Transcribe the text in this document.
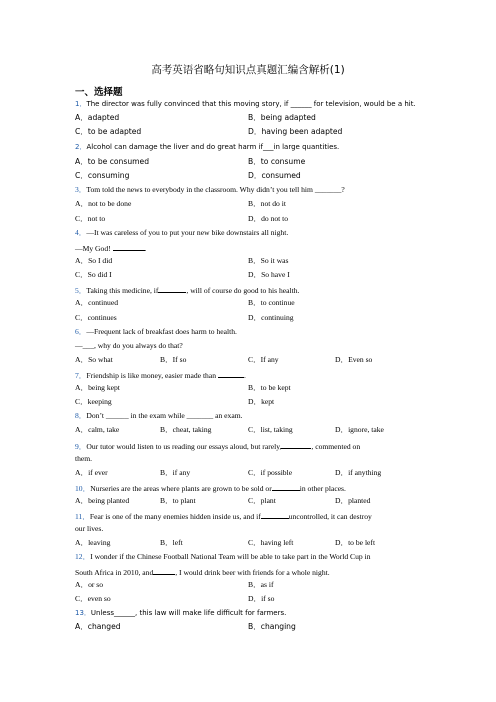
高考英语省略句知识点真题汇编含解析(1)
一、选择题
1．The director was fully convinced that this moving story, if ______ for television, would be a hit.
A．adapted	B．being adapted
C．to be adapted	D．having been adapted
2．Alcohol can damage the liver and do great harm if___in large quantities.
A．to be consumed	B．to consume
C．consuming	D．consumed
3．Tom told the news to everybody in the classroom. Why didn’t you tell him _______?
A．not to be done	B．not do it
C．not to	D．do not to
4．—It was careless of you to put your new bike downstairs all night.
—My God!	.
A．So I did	B．So it was
C．So did I	D．So have I
5．Taking this medicine, if	, will of course do good to his health.
A．continued	B．to continue
C．continues	D．continuing
6．—Frequent lack of breakfast does harm to health.
—___, why do you always do that?
A．So what	B．If so	C．If any	D．Even so
7．Friendship is like money, easier made than	.
A．being kept	B．to be kept
C．keeping	D．kept
8．Don’t ______ in the exam while _______ an exam.
A．calm, take	B．cheat, taking	C．list, taking	D．ignore, take
9．Our tutor would listen to us reading our essays aloud, but rarely,	, commented on
them.
A．if ever	B．if any	C．if possible	D．if anything
10．Nurseries are the areas where plants are grown to be sold or	in other places.
A．being planted	B．to plant	C．plant	D．planted
11．Fear is one of the many enemies hidden inside us, and if	uncontrolled, it can destroy
our lives.
A．leaving	B．left	C．having left	D．to be left
12．I wonder if the Chinese Football National Team will be able to take part in the World Cup in
South Africa in 2010, and	, I would drink beer with friends for a whole night.
A．or so	B．as if
C．even so	D．if so
13．Unless______, this law will make life difficult for farmers.
A．changed	B．changing
